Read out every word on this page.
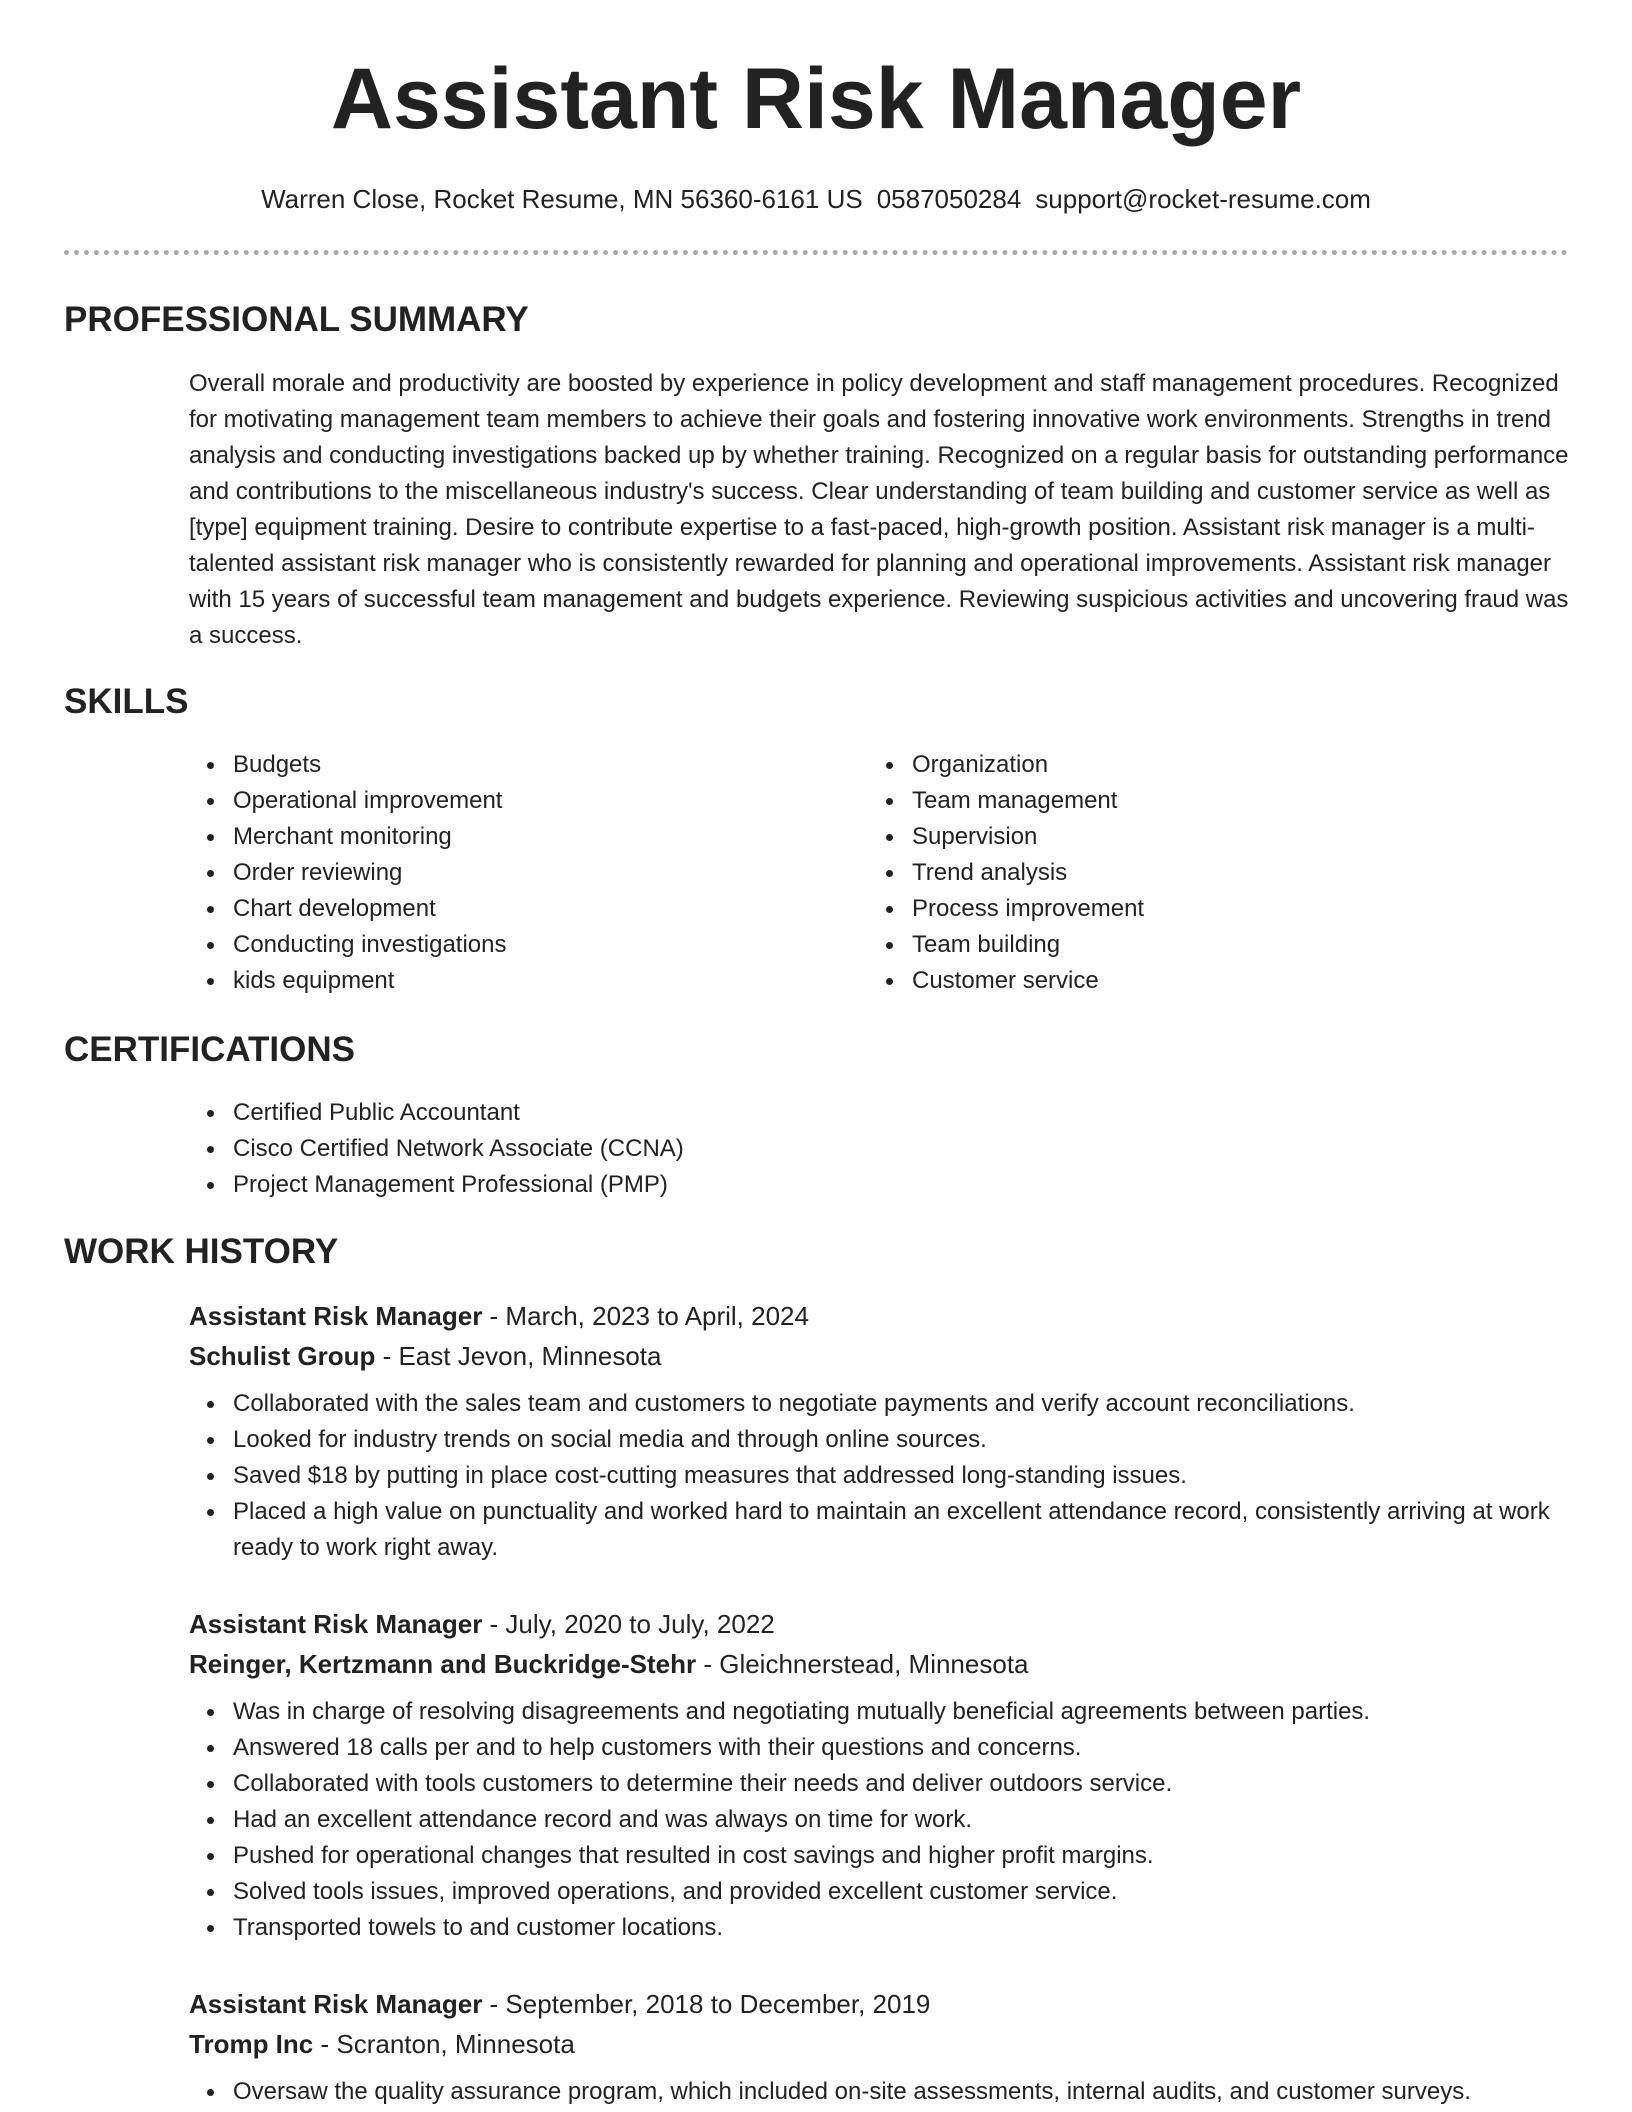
Assistant Risk Manager
Warren Close, Rocket Resume, MN 56360-6161 US 0587050284 support@rocket-resume.com
PROFESSIONAL SUMMARY
Overall morale and productivity are boosted by experience in policy development and staff management procedures. Recognized for motivating management team members to achieve their goals and fostering innovative work environments. Strengths in trend analysis and conducting investigations backed up by whether training. Recognized on a regular basis for outstanding performance and contributions to the miscellaneous industry's success. Clear understanding of team building and customer service as well as [type] equipment training. Desire to contribute expertise to a fast-paced, high-growth position. Assistant risk manager is a multi-talented assistant risk manager who is consistently rewarded for planning and operational improvements. Assistant risk manager with 15 years of successful team management and budgets experience. Reviewing suspicious activities and uncovering fraud was a success.
SKILLS
Budgets
Operational improvement
Merchant monitoring
Order reviewing
Chart development
Conducting investigations
kids equipment
Organization
Team management
Supervision
Trend analysis
Process improvement
Team building
Customer service
CERTIFICATIONS
Certified Public Accountant
Cisco Certified Network Associate (CCNA)
Project Management Professional (PMP)
WORK HISTORY
Assistant Risk Manager - March, 2023 to April, 2024
Schulist Group - East Jevon, Minnesota
Collaborated with the sales team and customers to negotiate payments and verify account reconciliations.
Looked for industry trends on social media and through online sources.
Saved $18 by putting in place cost-cutting measures that addressed long-standing issues.
Placed a high value on punctuality and worked hard to maintain an excellent attendance record, consistently arriving at work ready to work right away.
Assistant Risk Manager - July, 2020 to July, 2022
Reinger, Kertzmann and Buckridge-Stehr - Gleichnerstead, Minnesota
Was in charge of resolving disagreements and negotiating mutually beneficial agreements between parties.
Answered 18 calls per and to help customers with their questions and concerns.
Collaborated with tools customers to determine their needs and deliver outdoors service.
Had an excellent attendance record and was always on time for work.
Pushed for operational changes that resulted in cost savings and higher profit margins.
Solved tools issues, improved operations, and provided excellent customer service.
Transported towels to and customer locations.
Assistant Risk Manager - September, 2018 to December, 2019
Tromp Inc - Scranton, Minnesota
Oversaw the quality assurance program, which included on-site assessments, internal audits, and customer surveys.
